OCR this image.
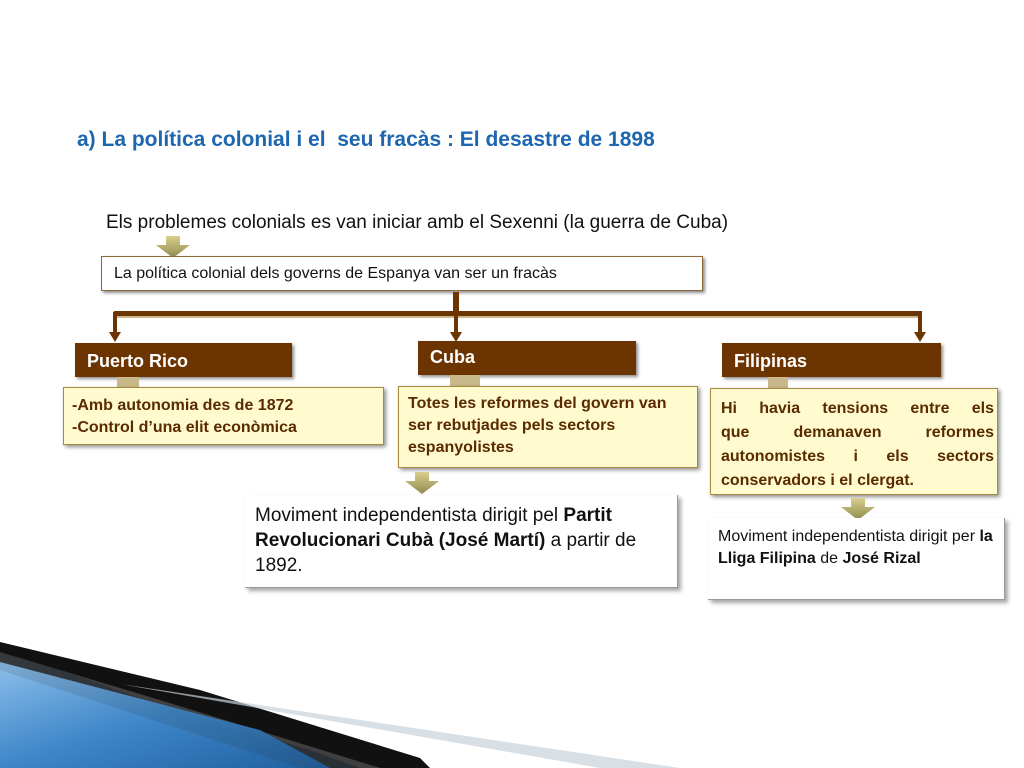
a) La política colonial i el  seu fracàs : El desastre de 1898
Els problemes colonials es van iniciar amb el Sexenni (la guerra de Cuba)
La política colonial dels governs de Espanya van ser un fracàs
Puerto Rico
-Amb autonomia des de 1872
-Control d’una elit econòmica
Cuba
Totes les reformes del govern van ser rebutjades pels sectors espanyolistes
Moviment independentista dirigit pel Partit Revolucionari Cubà (José Martí) a partir de 1892.
Filipinas
Hi havia tensions entre els
que demanaven reformes
autonomistes i els sectors
conservadors i el clergat.
Moviment independentista dirigit per la Lliga Filipina de José Rizal
